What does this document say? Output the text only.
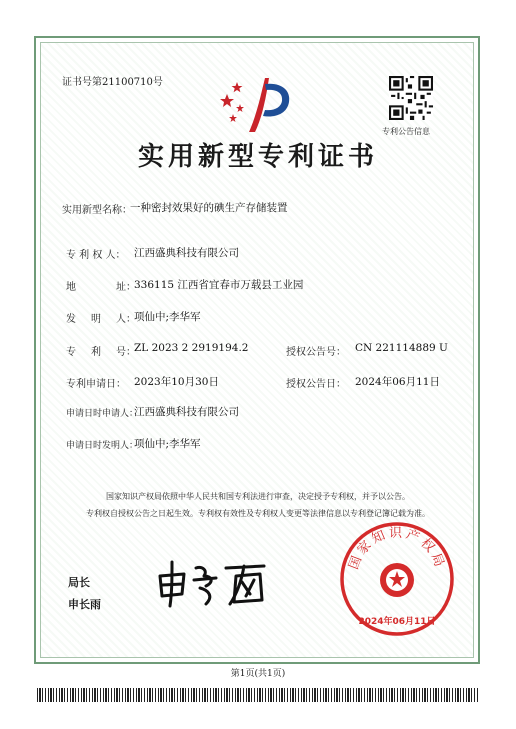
证书号第21100710号
专利公告信息
实用新型专利证书
实用新型名称：
一种密封效果好的碘生产存储装置
专 利 权 人： 江西盛典科技有限公司
地	址：
336115 江西省宜春市万载县工业园
发 明 人：
项仙中;李华军
专 利 号：
ZL 2023 2 2919194.2	授权公告号： CN 221114889 U
专利申请日： 2023年10月30日	授权公告日： 2024年06月11日
申请日时申请人：
江西盛典科技有限公司
申请日时发明人：
项仙中;李华军
国家知识产权局依照中华人民共和国专利法进行审查，决定授予专利权，并予以公告。
专利权自授权公告之日起生效。专利权有效性及专利权人变更等法律信息以专利登记簿记载为准。
局长
申长雨
国家知识产权局
2024年06月11日
第1页(共1页)
